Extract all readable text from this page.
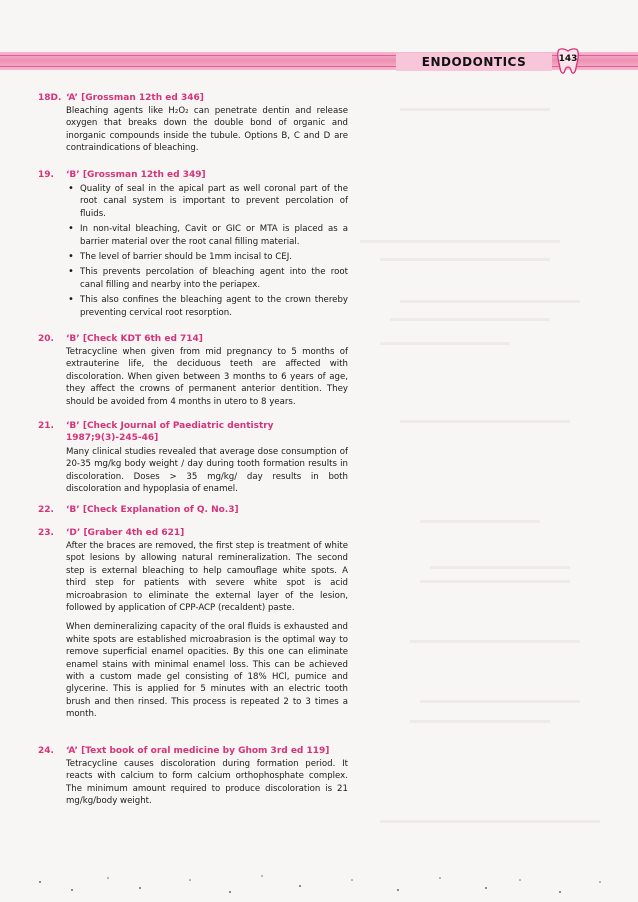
ENDODONTICS	143
18D. ‘A’ [Grossman 12th ed 346]

Bleaching agents like H₂O₂ can penetrate dentin and release oxygen that breaks down the double bond of organic and inorganic compounds inside the tubule. Options B, C and D are contraindications of bleaching.

19.	‘B’ [Grossman 12th ed 349]
• Quality of seal in the apical part as well coronal part of the root canal system is important to prevent percolation of fluids.
• In non-vital bleaching, Cavit or GIC or MTA is placed as a barrier material over the root canal filling material.
• The level of barrier should be 1mm incisal to CEJ.
• This prevents percolation of bleaching agent into the root canal filling and nearby into the periapex.
• This also confines the bleaching agent to the crown thereby preventing cervical root resorption.
20.	‘B’ [Check KDT 6th ed 714]

Tetracycline when given from mid pregnancy to 5 months of extrauterine life, the deciduous teeth are affected with discoloration. When given between 3 months to 6 years of age, they affect the crowns of permanent anterior dentition. They should be avoided from 4 months in utero to 8 years.

21.	‘B’ [Check Journal of Paediatric dentistry 1987;9(3)-245-46]

Many clinical studies revealed that average dose consumption of 20-35 mg/kg body weight / day during tooth formation results in discoloration. Doses > 35 mg/kg/ day results in both discoloration and hypoplasia of enamel.

22.	‘B’ [Check Explanation of Q. No.3]
23.	‘D’ [Graber 4th ed 621]

After the braces are removed, the first step is treatment of white spot lesions by allowing natural remineralization. The second step is external bleaching to help camouflage white spots. A third step for patients with severe white spot is acid microabrasion to eliminate the external layer of the lesion, followed by application of CPP-ACP (recaldent) paste.

When demineralizing capacity of the oral fluids is exhausted and white spots are established microabrasion is the optimal way to remove superficial enamel opacities. By this one can eliminate enamel stains with minimal enamel loss. This can be achieved with a custom made gel consisting of 18% HCl, pumice and glycerine. This is applied for 5 minutes with an electric tooth brush and then rinsed. This process is repeated 2 to 3 times a month.

24.	‘A’ [Text book of oral medicine by Ghom 3rd ed 119]

Tetracycline causes discoloration during formation period. It reacts with calcium to form calcium orthophosphate complex. The minimum amount required to produce discoloration is 21 mg/kg/body weight.
